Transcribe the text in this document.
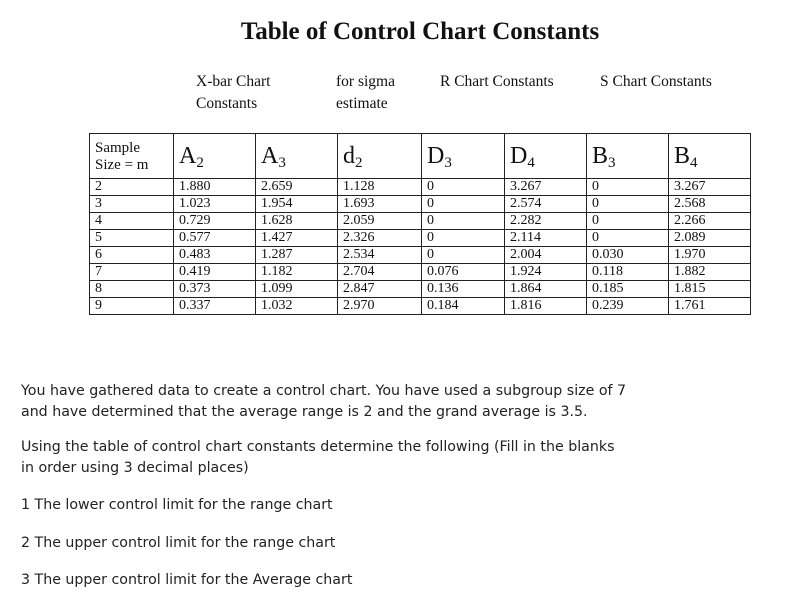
Table of Control Chart Constants
X-bar Chart Constants
for sigma estimate
R Chart Constants	S Chart Constants
Sample Size = m	$A_2$	$A_3$	$d_2$	$D_3$	$D_4$	$B_3$	$B_4$
2	1.880	2.659	1.128	0	3.267	0	3.267
3	1.023	1.954	1.693	0	2.574	0	2.568
4	0.729	1.628	2.059	0	2.282	0	2.266
5	0.577	1.427	2.326	0	2.114	0	2.089
6	0.483	1.287	2.534	0	2.004	0.030	1.970
7	0.419	1.182	2.704	0.076	1.924	0.118	1.882
8	0.373	1.099	2.847	0.136	1.864	0.185	1.815
9	0.337	1.032	2.970	0.184	1.816	0.239	1.761
You have gathered data to create a control chart. You have used a subgroup size of 7
and have determined that the average range is 2 and the grand average is 3.5.
Using the table of control chart constants determine the following (Fill in the blanks
in order using 3 decimal places)
1 The lower control limit for the range chart
2 The upper control limit for the range chart
3 The upper control limit for the Average chart
